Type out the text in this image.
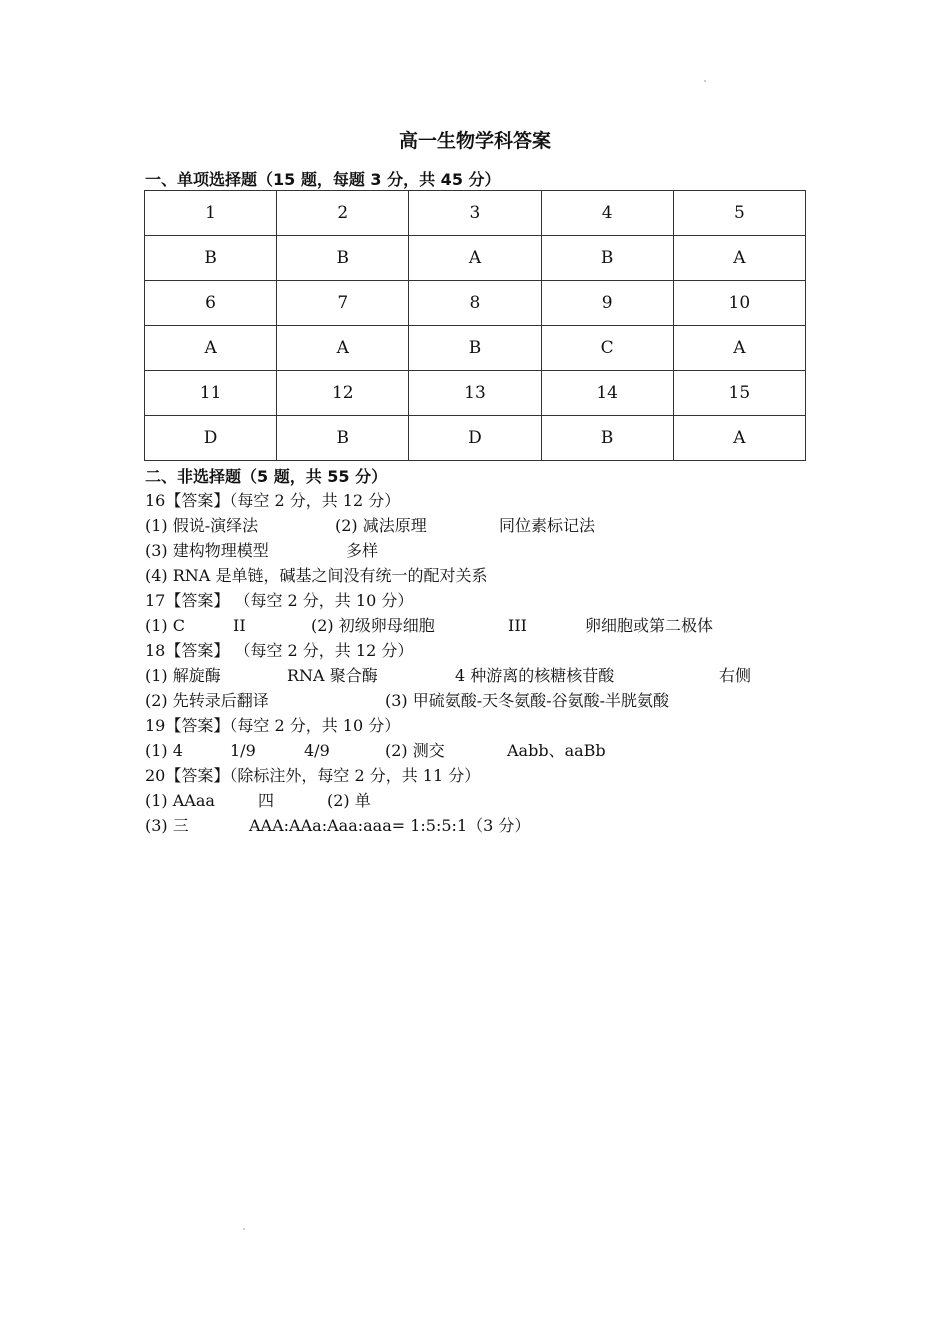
高一生物学科答案
一、单项选择题（15 题，每题 3 分，共 45 分）
1	2	3	4	5
B	B	A	B	A
6	7	8	9	10
A	A	B	C	A
11	12	13	14	15
D	B	D	B	A
二、非选择题（5 题，共 55 分）
16【答案】（每空 2 分，共 12 分）
(1) 假说-演绎法	(2) 减法原理	同位素标记法
(3) 建构物理模型	多样
(4) RNA 是单链，碱基之间没有统一的配对关系
17【答案】 （每空 2 分，共 10 分）
(1) C	II	(2) 初级卵母细胞	III	卵细胞或第二极体
18【答案】 （每空 2 分，共 12 分）
(1) 解旋酶	RNA 聚合酶	4 种游离的核糖核苷酸	右侧
(2) 先转录后翻译	(3) 甲硫氨酸-天冬氨酸-谷氨酸-半胱氨酸
19【答案】（每空 2 分，共 10 分）
(1) 4	1/9	4/9	(2) 测交	Aabb、aaBb
20【答案】（除标注外，每空 2 分，共 11 分）
(1) AAaa	四	(2) 单
(3) 三	AAA:AAa:Aaa:aaa= 1:5:5:1（3 分）
